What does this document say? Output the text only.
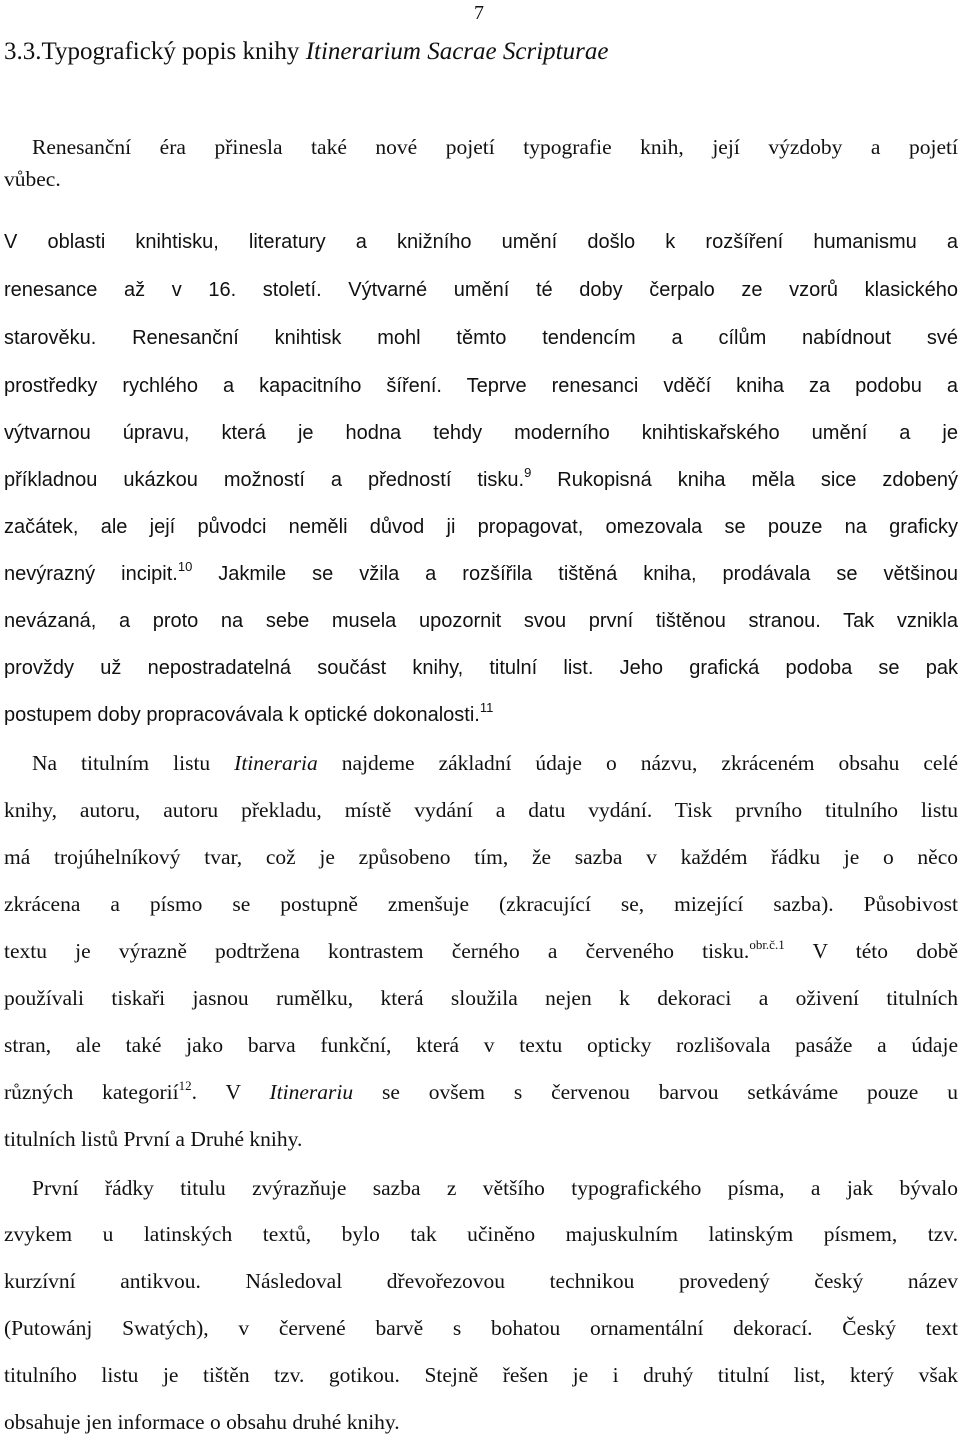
7
3.3.Typografický popis knihy Itinerarium Sacrae Scripturae
Renesanční éra přinesla také nové pojetí typografie knih, její výzdoby a pojetí
vůbec.
V oblasti knihtisku, literatury a knižního umění došlo k rozšíření humanismu a
renesance až v 16. století. Výtvarné umění té doby čerpalo ze vzorů klasického
starověku. Renesanční knihtisk mohl těmto tendencím a cílům nabídnout své
prostředky rychlého a kapacitního šíření. Teprve renesanci vděčí kniha za podobu a
výtvarnou úpravu, která je hodna tehdy moderního knihtiskařského umění a je
příkladnou ukázkou možností a předností tisku.$^9$ Rukopisná kniha měla sice zdobený
začátek, ale její původci neměli důvod ji propagovat, omezovala se pouze na graficky
nevýrazný incipit.$^{10}$ Jakmile se vžila a rozšířila tištěná kniha, prodávala se většinou
nevázaná, a proto na sebe musela upozornit svou první tištěnou stranou. Tak vznikla
provždy už nepostradatelná součást knihy, titulní list. Jeho grafická podoba se pak
postupem doby propracovávala k optické dokonalosti.$^{11}$
Na titulním listu Itineraria najdeme základní údaje o názvu, zkráceném obsahu celé
knihy, autoru, autoru překladu, místě vydání a datu vydání. Tisk prvního titulního listu
má trojúhelníkový tvar, což je způsobeno tím, že sazba v každém řádku je o něco
zkrácena a písmo se postupně zmenšuje (zkracující se, mizející sazba). Působivost
textu je výrazně podtržena kontrastem černého a červeného tisku.$^{obr.č.1}$ V této době
používali tiskaři jasnou rumělku, která sloužila nejen k dekoraci a oživení titulních
stran, ale také jako barva funkční, která v textu opticky rozlišovala pasáže a údaje
různých kategorií$^{12}$. V Itinerariu se ovšem s červenou barvou setkáváme pouze u
titulních listů První a Druhé knihy.
První řádky titulu zvýrazňuje sazba z většího typografického písma, a jak bývalo
zvykem u latinských textů, bylo tak učiněno majuskulním latinským písmem, tzv.
kurzívní antikvou. Následoval dřevořezovou technikou provedený český název
(Putowánj Swatých), v červené barvě s bohatou ornamentální dekorací. Český text
titulního listu je tištěn tzv. gotikou. Stejně řešen je i druhý titulní list, který však
obsahuje jen informace o obsahu druhé knihy.
